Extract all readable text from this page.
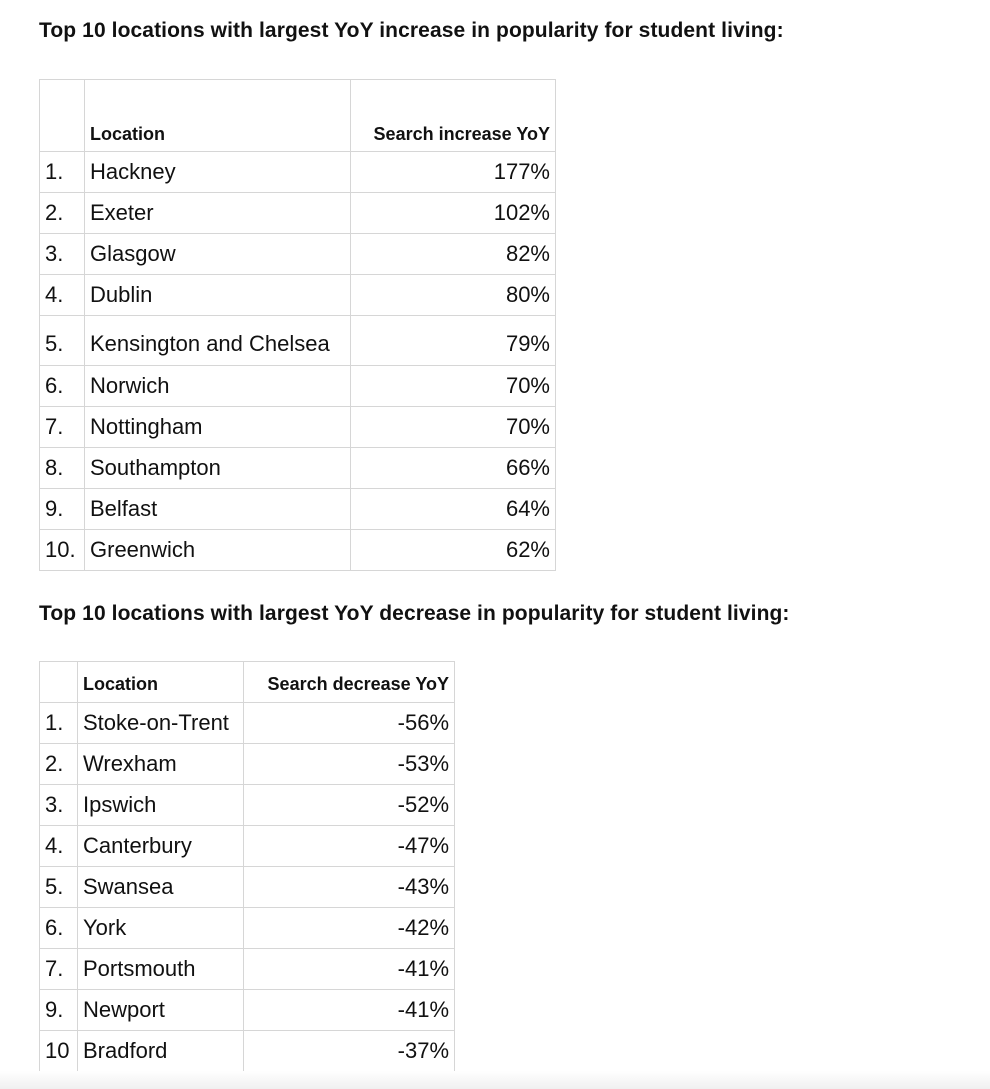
Top 10 locations with largest YoY increase in popularity for student living:
	Location	Search increase YoY
1.	Hackney	177%
2.	Exeter	102%
3.	Glasgow	82%
4.	Dublin	80%
5.	Kensington and Chelsea	79%
6.	Norwich	70%
7.	Nottingham	70%
8.	Southampton	66%
9.	Belfast	64%
10.	Greenwich	62%
Top 10 locations with largest YoY decrease in popularity for student living:
	Location	Search decrease YoY
1.	Stoke-on-Trent	-56%
2.	Wrexham	-53%
3.	Ipswich	-52%
4.	Canterbury	-47%
5.	Swansea	-43%
6.	York	-42%
7.	Portsmouth	-41%
9.	Newport	-41%
10	Bradford	-37%
